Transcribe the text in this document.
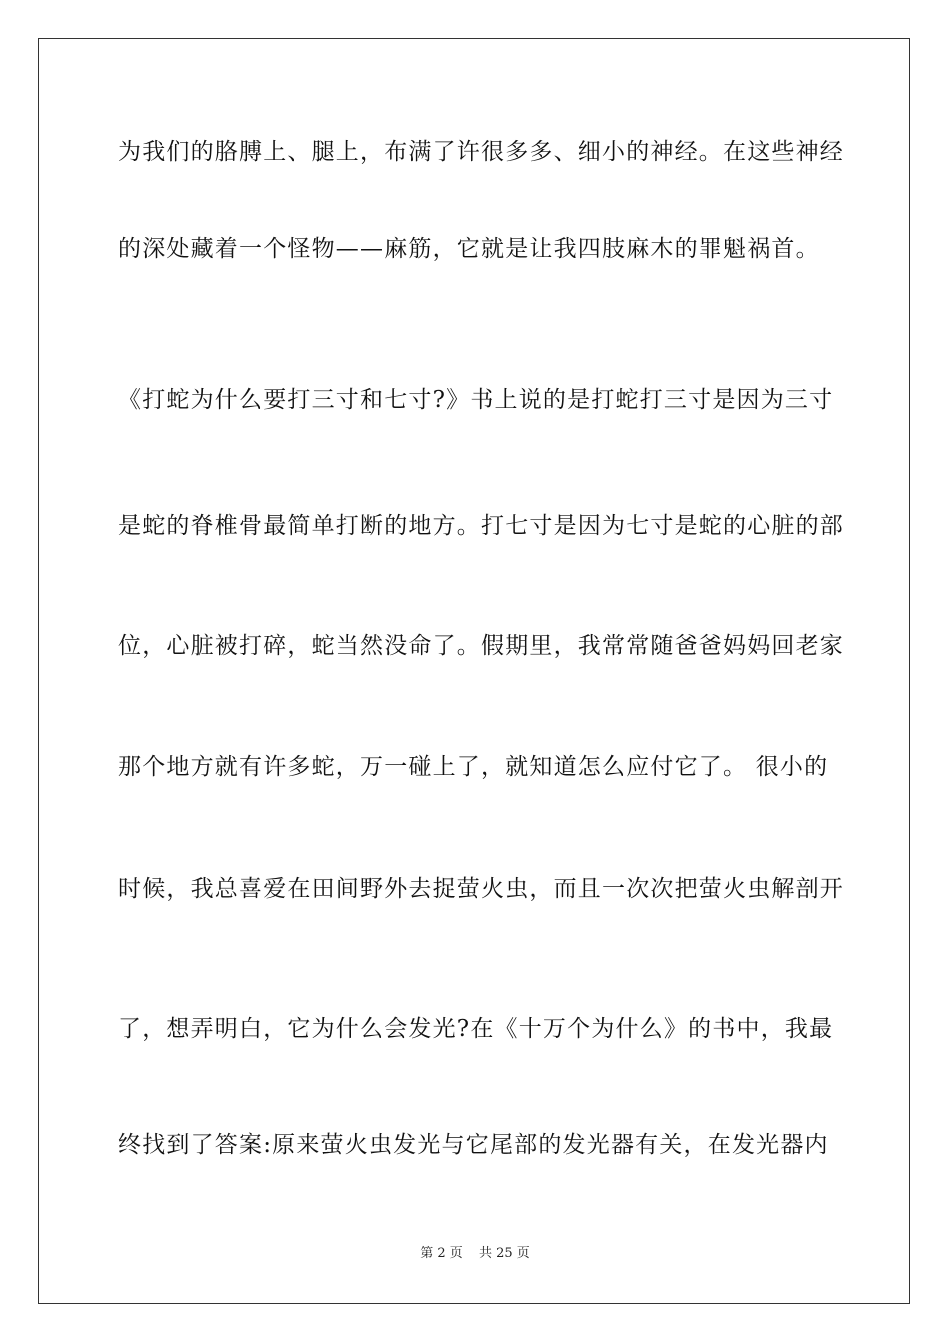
为我们的胳膊上、腿上，布满了许很多多、细小的神经。在这些神经
的深处藏着一个怪物——麻筋，它就是让我四肢麻木的罪魁祸首。
《打蛇为什么要打三寸和七寸?》书上说的是打蛇打三寸是因为三寸
是蛇的脊椎骨最简单打断的地方。打七寸是因为七寸是蛇的心脏的部
位，心脏被打碎，蛇当然没命了。假期里，我常常随爸爸妈妈回老家
那个地方就有许多蛇，万一碰上了，就知道怎么应付它了。 很小的
时候，我总喜爱在田间野外去捉萤火虫，而且一次次把萤火虫解剖开
了，想弄明白，它为什么会发光?在《十万个为什么》的书中，我最
终找到了答案:原来萤火虫发光与它尾部的发光器有关，在发光器内
第 2 页 共 25 页
